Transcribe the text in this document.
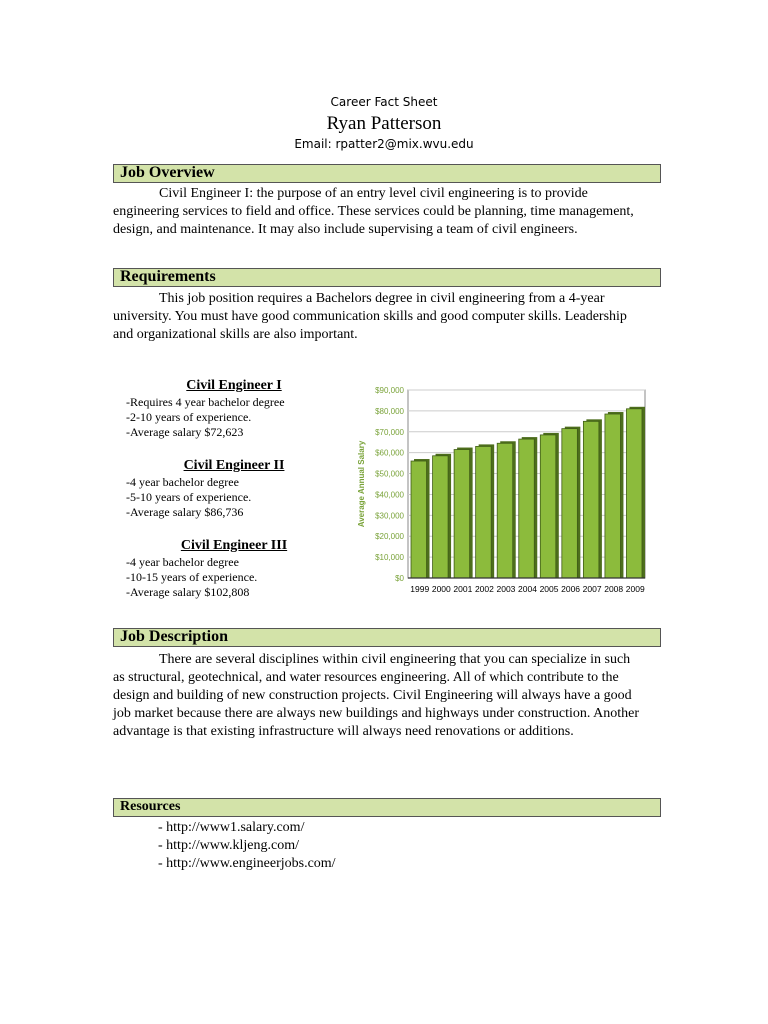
Career Fact Sheet
Ryan Patterson
Email: rpatter2@mix.wvu.edu
Job Overview
Civil Engineer I: the purpose of an entry level civil engineering is to provide engineering services to field and office. These services could be planning, time management, design, and maintenance. It may also include supervising a team of civil engineers.
Requirements
This job position requires a Bachelors degree in civil engineering from a 4-year university. You must have good communication skills and good computer skills. Leadership and organizational skills are also important.
Civil Engineer I
-Requires 4 year bachelor degree
-2-10 years of experience.
-Average salary $72,623
Civil Engineer II
-4 year bachelor degree
-5-10 years of experience.
-Average salary $86,736
Civil Engineer III
-4 year bachelor degree
-10-15 years of experience.
-Average salary $102,808
$0
$10,000
$20,000
$30,000
$40,000
$50,000
$60,000
$70,000
$80,000
$90,000
Average Annual Salary
1999 2000 2001 2002 2003 2004 2005 2006 2007 2008 2009
Job Description
There are several disciplines within civil engineering that you can specialize in such as structural, geotechnical, and water resources engineering. All of which contribute to the design and building of new construction projects. Civil Engineering will always have a good job market because there are always new buildings and highways under construction. Another advantage is that existing infrastructure will always need renovations or additions.
Resources
- http://www1.salary.com/
- http://www.kljeng.com/
- http://www.engineerjobs.com/
